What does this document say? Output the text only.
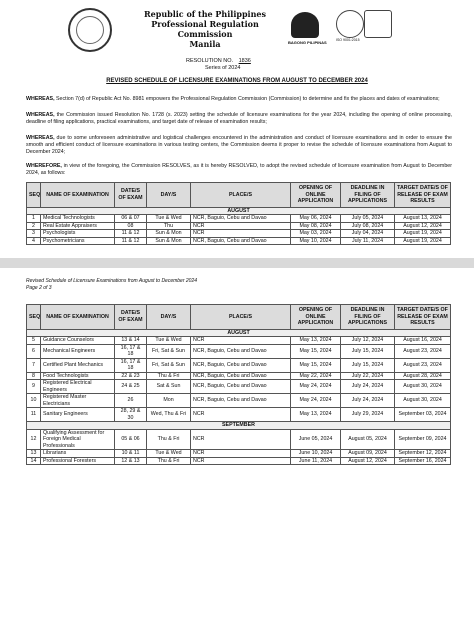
Republic of the Philippines
Professional Regulation Commission
Manila	BAGONG PILIPINAS	ISO 9001:2015
RESOLUTION NO. 1836
Series of 2024
REVISED SCHEDULE OF LICENSURE EXAMINATIONS FROM AUGUST TO DECEMBER 2024
WHEREAS, Section 7(d) of Republic Act No. 8981 empowers the Professional Regulation Commission (Commission) to determine and fix the places and dates of examinations;
WHEREAS, the Commission issued Resolution No. 1728 (s. 2023) setting the schedule of licensure examinations for the year 2024, including the opening of online processing, deadline of filing applications, practical examinations, and target date of release of examination results;
WHEREAS, due to some unforeseen administrative and logistical challenges encountered in the administration and conduct of licensure examinations and in order to ensure the smooth and efficient conduct of licensure examinations in various testing centers, the Commission deems it proper to revise the schedule of licensure examinations from August to December 2024;
WHEREFORE, in view of the foregoing, the Commission RESOLVES, as it is hereby RESOLVED, to adopt the revised schedule of licensure examination from August to December 2024, as follows:
SEQ	NAME OF EXAMINATION	DATE/S OF EXAM	DAY/S	PLACE/S	OPENING OF ONLINE APPLICATION	DEADLINE IN FILING OF APPLICATIONS	TARGET DATE/S OF RELEASE OF EXAM RESULTS
AUGUST							
1	Medical Technologists	06 & 07	Tue & Wed	NCR, Baguio, Cebu and Davao	May 06, 2024	July 05, 2024	August 13, 2024
2	Real Estate Appraisers	08	Thu	NCR	May 08, 2024	July 08, 2024	August 12, 2024
3	Psychologists	11 & 12	Sun & Mon	NCR	May 03, 2024	July 04, 2024	August 19, 2024
4	Psychometricians	11 & 12	Sun & Mon	NCR, Baguio, Cebu and Davao	May 10, 2024	July 11, 2024	August 19, 2024
Revised Schedule of Licensure Examinations from August to December 2024
Page 2 of 3
SEQ	NAME OF EXAMINATION	DATE/S OF EXAM	DAY/S	PLACE/S	OPENING OF ONLINE APPLICATION	DEADLINE IN FILING OF APPLICATIONS	TARGET DATE/S OF RELEASE OF EXAM RESULTS
AUGUST							
5	Guidance Counselors	13 & 14	Tue & Wed	NCR	May 13, 2024	July 12, 2024	August 16, 2024
6	Mechanical Engineers	16, 17 & 18	Fri, Sat & Sun	NCR, Baguio, Cebu and Davao	May 15, 2024	July 15, 2024	August 23, 2024
7	Certified Plant Mechanics	16, 17 & 18	Fri, Sat & Sun	NCR, Baguio, Cebu and Davao	May 15, 2024	July 15, 2024	August 23, 2024
8	Food Technologists	22 & 23	Thu & Fri	NCR, Baguio, Cebu and Davao	May 22, 2024	July 22, 2024	August 28, 2024
9	Registered Electrical Engineers	24 & 25	Sat & Sun	NCR, Baguio, Cebu and Davao	May 24, 2024	July 24, 2024	August 30, 2024
10	Registered Master Electricians	26	Mon	NCR, Baguio, Cebu and Davao	May 24, 2024	July 24, 2024	August 30, 2024
11	Sanitary Engineers	28, 29 & 30	Wed, Thu & Fri	NCR	May 13, 2024	July 29, 2024	September 03, 2024
SEPTEMBER							
12	Qualifying Assessment for Foreign Medical Professionals	05 & 06	Thu & Fri	NCR	June 05, 2024	August 05, 2024	September 09, 2024
13	Librarians	10 & 11	Tue & Wed	NCR	June 10, 2024	August 09, 2024	September 12, 2024
14	Professional Foresters	12 & 13	Thu & Fri	NCR	June 11, 2024	August 12, 2024	September 16, 2024
